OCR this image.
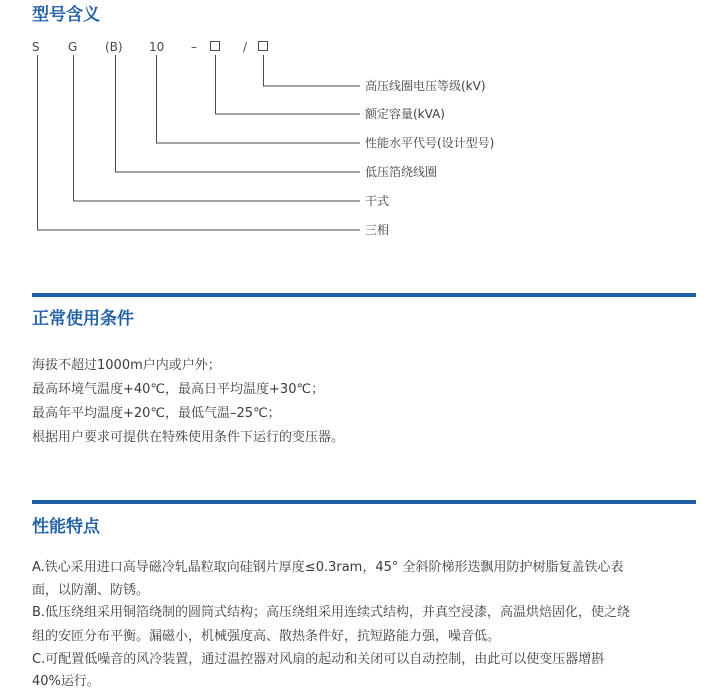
型号含义
S G (B) 10 –	/
高压线圈电压等级(kV)
额定容量(kVA)
性能水平代号(设计型号)
低压箔绕线圈
干式
三相
正常使用条件

海拔不超过1000m户内或户外；

最高环境气温度+40℃，最高日平均温度+30℃；

最高年平均温度+20℃，最低气温–25℃；

根据用户要求可提供在特殊使用条件下运行的变压器。

性能特点

A.铁心采用进口高导磁冷轧晶粒取向硅钢片厚度≤0.3ram，45° 全斜阶梯形迭飘用防护树脂复盖铁心表

面，以防潮、防锈。

B.低压绕组采用铜箔绕制的圆筒式结构；高压绕组采用连续式结构，并真空浸漆，高温烘焙固化，使之绕

组的安匝分布平衡。漏磁小，机械强度高、散热条件好，抗短路能力强，噪音低。

C.可配置低噪音的风冷装置，通过温控器对风扇的起动和关闭可以自动控制，由此可以使变压器增斟

40%运行。
